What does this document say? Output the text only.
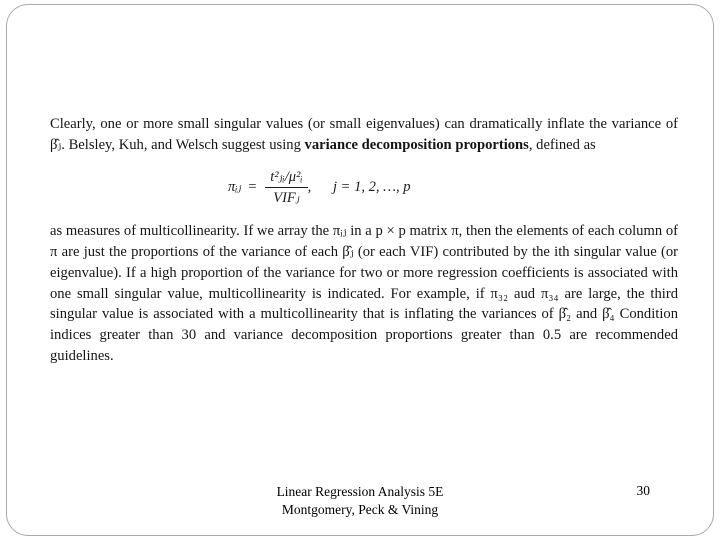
Clearly, one or more small singular values (or small eigenvalues) can dramatically inflate the variance of β̂ⱼ. Belsley, Kuh, and Welsch suggest using variance decomposition proportions, defined as

πᵢⱼ = $\frac{\text{t²ⱼᵢ/μ²ᵢ}}{\text{VIFⱼ}}$ ,      j = 1, 2, …, p

as measures of multicollinearity. If we array the πᵢⱼ in a p × p matrix π, then the elements of each column of π are just the proportions of the variance of each β̂ⱼ (or each VIF) contributed by the ith singular value (or eigenvalue). If a high proportion of the variance for two or more regression coefficients is associated with one small singular value, multicollinearity is indicated. For example, if π₃₂ aud π₃₄ are large, the third singular value is associated with a multicollinearity that is inflating the variances of β̂₂ and β̂₄ Condition indices greater than 30 and variance decomposition proportions greater than 0.5 are recommended guidelines.

Linear Regression Analysis 5E
Montgomery, Peck & Vining
30
